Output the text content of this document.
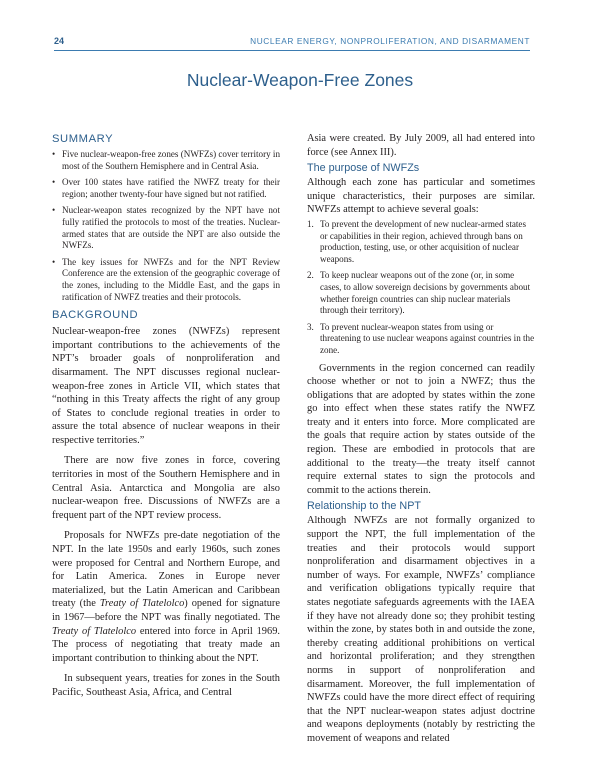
24	NUCLEAR ENERGY, NONPROLIFERATION, AND DISARMAMENT
Nuclear-Weapon-Free Zones
SUMMARY
• Five nuclear-weapon-free zones (NWFZs) cover territory in most of the Southern Hemisphere and in Central Asia.
• Over 100 states have ratified the NWFZ treaty for their region; another twenty-four have signed but not ratified.
• Nuclear-weapon states recognized by the NPT have not fully ratified the protocols to most of the treaties. Nuclear-armed states that are outside the NPT are also outside the NWFZs.
• The key issues for NWFZs and for the NPT Review Conference are the extension of the geographic coverage of the zones, including to the Middle East, and the gaps in ratification of NWFZ treaties and their protocols.
BACKGROUND

Nuclear-weapon-free zones (NWFZs) represent important contributions to the achievements of the NPT’s broader goals of nonproliferation and disarmament. The NPT discusses regional nuclear-weapon-free zones in Article VII, which states that “nothing in this Treaty affects the right of any group of States to conclude regional treaties in order to assure the total absence of nuclear weapons in their respective territories.”

There are now five zones in force, covering territories in most of the Southern Hemisphere and in Central Asia. Antarctica and Mongolia are also nuclear-weapon free. Discussions of NWFZs are a frequent part of the NPT review process.

Proposals for NWFZs pre-date negotiation of the NPT. In the late 1950s and early 1960s, such zones were proposed for Central and Northern Europe, and for Latin America. Zones in Europe never materialized, but the Latin American and Caribbean treaty (the Treaty of Tlatelolco) opened for signature in 1967—before the NPT was finally negotiated. The Treaty of Tlatelolco entered into force in April 1969. The process of negotiating that treaty made an important contribution to thinking about the NPT.

In subsequent years, treaties for zones in the South Pacific, Southeast Asia, Africa, and Central

Asia were created. By July 2009, all had entered into force (see Annex III).

The purpose of NWFZs

Although each zone has particular and sometimes unique characteristics, their purposes are similar. NWFZs attempt to achieve several goals:

1. To prevent the development of new nuclear-armed states or capabilities in their region, achieved through bans on production, testing, use, or other acquisition of nuclear weapons.
2. To keep nuclear weapons out of the zone (or, in some cases, to allow sovereign decisions by governments about whether foreign countries can ship nuclear materials through their territory).
3. To prevent nuclear-weapon states from using or threatening to use nuclear weapons against countries in the zone.

Governments in the region concerned can readily choose whether or not to join a NWFZ; thus the obligations that are adopted by states within the zone go into effect when these states ratify the NWFZ treaty and it enters into force. More complicated are the goals that require action by states outside of the region. These are embodied in protocols that are additional to the treaty—the treaty itself cannot require external states to sign the protocols and commit to the actions therein.

Relationship to the NPT

Although NWFZs are not formally organized to support the NPT, the full implementation of the treaties and their protocols would support nonproliferation and disarmament objectives in a number of ways. For example, NWFZs’ compliance and verification obligations typically require that states negotiate safeguards agreements with the IAEA if they have not already done so; they prohibit testing within the zone, by states both in and outside the zone, thereby creating additional prohibitions on vertical and horizontal proliferation; and they strengthen norms in support of nonproliferation and disarmament. Moreover, the full implementation of NWFZs could have the more direct effect of requiring that the NPT nuclear-weapon states adjust doctrine and weapons deployments (notably by restricting the movement of weapons and related
